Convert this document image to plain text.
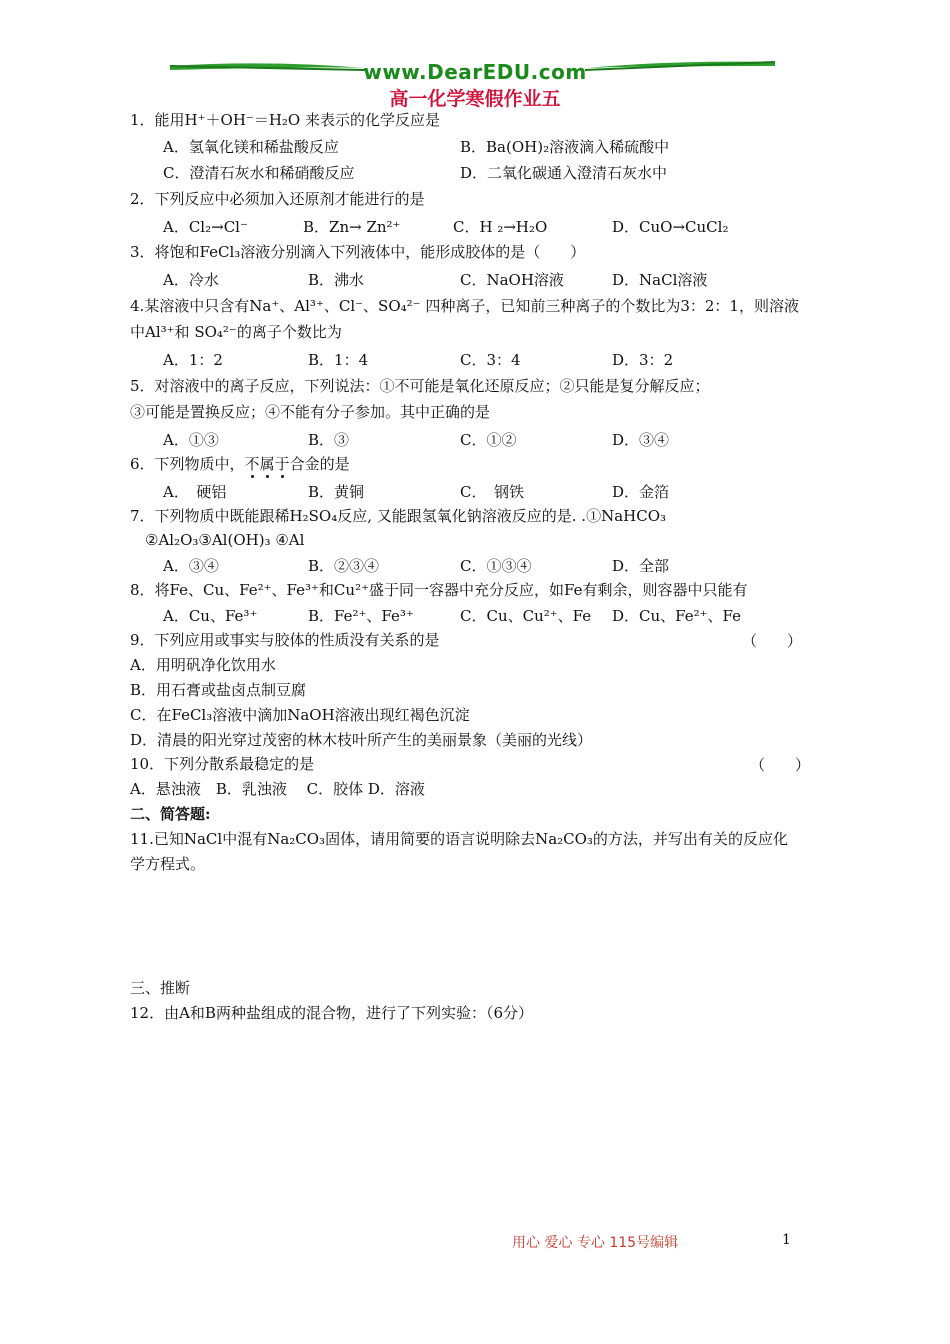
www.DearEDU.com
高一化学寒假作业五
1．能用H⁺＋OH⁻＝H₂O 来表示的化学反应是
A．氢氧化镁和稀盐酸反应	B．Ba(OH)₂溶液滴入稀硫酸中
C．澄清石灰水和稀硝酸反应	D．二氧化碳通入澄清石灰水中
2．下列反应中必须加入还原剂才能进行的是
A．Cl₂→Cl⁻	B．Zn→ Zn²⁺	C．H ₂→H₂O	D．CuO→CuCl₂
3．将饱和FeCl₃溶液分别滴入下列液体中，能形成胶体的是（　　）
A．冷水	B．沸水	C．NaOH溶液	D．NaCl溶液
4.某溶液中只含有Na⁺、Al³⁺、Cl⁻、SO₄²⁻ 四种离子，已知前三种离子的个数比为3：2：1，则溶液
中Al³⁺和 SO₄²⁻的离子个数比为
A．1：2	B．1：4	C．3：4	D．3：2
5．对溶液中的离子反应，下列说法：①不可能是氧化还原反应；②只能是复分解反应；
③可能是置换反应；④不能有分子参加。其中正确的是
A．①③	B．③	C．①②	D．③④
6．下列物质中，不属于合金的是
A．　硬铝	B．黄铜	C．　钢铁	D．金箔
7．下列物质中既能跟稀H₂SO₄反应, 又能跟氢氧化钠溶液反应的是. .①NaHCO₃
②Al₂O₃③Al(OH)₃ ④Al
A．③④	B．②③④	C．①③④	D．全部
8．将Fe、Cu、Fe²⁺、Fe³⁺和Cu²⁺盛于同一容器中充分反应，如Fe有剩余，则容器中只能有
A．Cu、Fe³⁺	B．Fe²⁺、Fe³⁺	C．Cu、Cu²⁺、Fe D．Cu、Fe²⁺、Fe
9．下列应用或事实与胶体的性质没有关系的是	（　　）
A．用明矾净化饮用水
B．用石膏或盐卤点制豆腐
C．在FeCl₃溶液中滴加NaOH溶液出现红褐色沉淀
D．清晨的阳光穿过茂密的林木枝叶所产生的美丽景象（美丽的光线）
10．下列分散系最稳定的是	（　　）
A．悬浊液　B．乳浊液　 C．胶体 D．溶液
二、简答题:
11.已知NaCl中混有Na₂CO₃固体，请用简要的语言说明除去Na₂CO₃的方法，并写出有关的反应化
学方程式。
三、推断
12．由A和B两种盐组成的混合物，进行了下列实验：（6分）
用心 爱心 专心 115号编辑	1
